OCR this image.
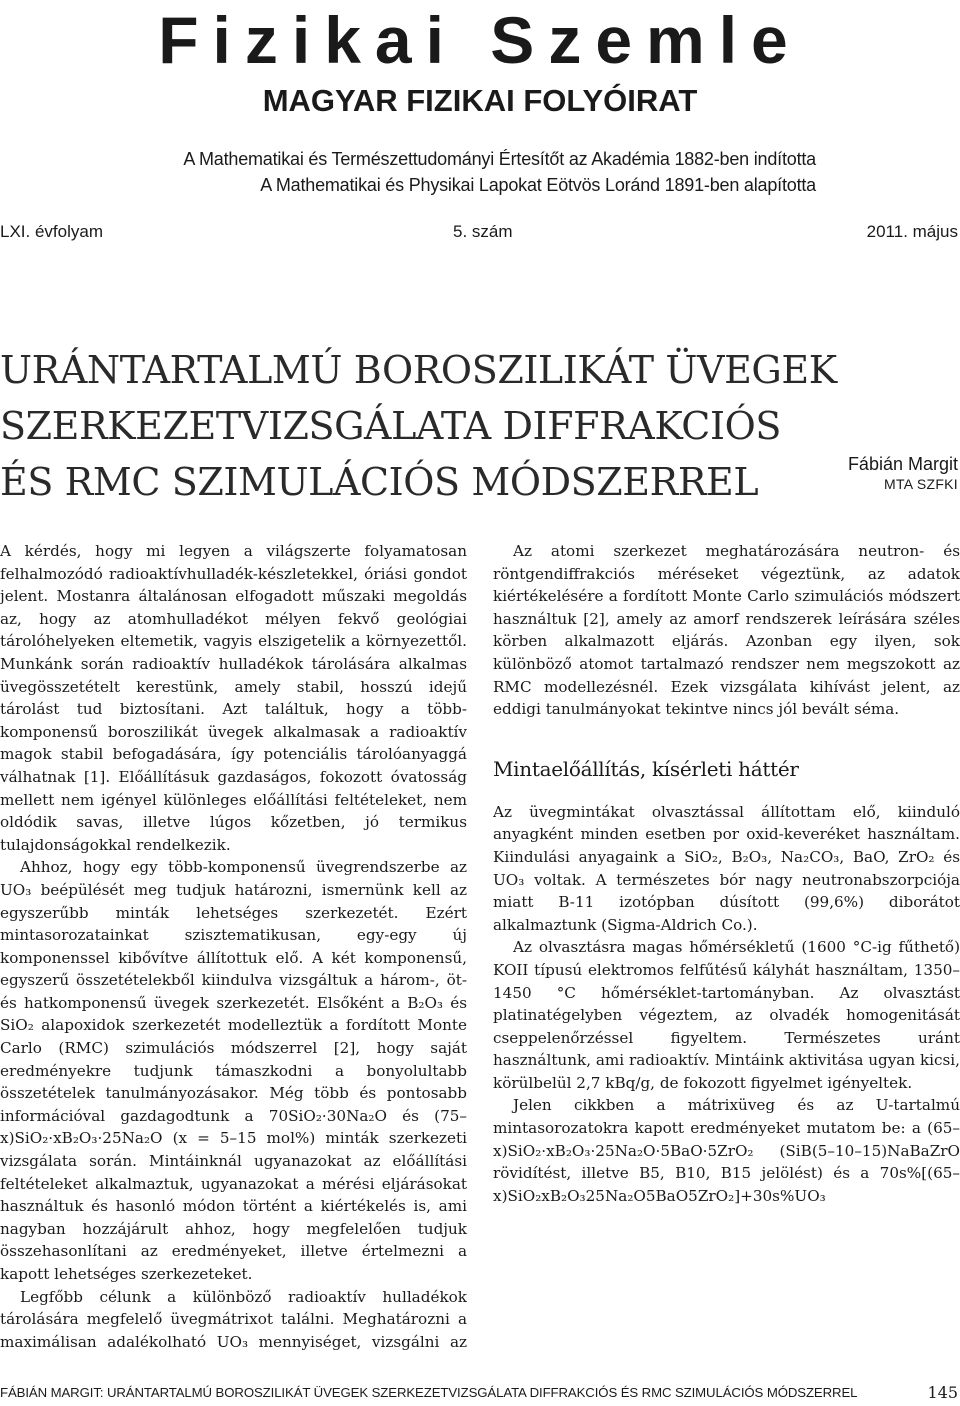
Fizikai Szemle
MAGYAR FIZIKAI FOLYÓIRAT
A Mathematikai és Természettudományi Értesítőt az Akadémia 1882-ben indította
A Mathematikai és Physikai Lapokat Eötvös Loránd 1891-ben alapította
LXI. évfolyam	5. szám	2011. május
URÁNTARTALMÚ BOROSZILIKÁT ÜVEGEK
SZERKEZETVIZSGÁLATA DIFFRAKCIÓS
ÉS RMC SZIMULÁCIÓS MÓDSZERREL	Fábián Margit
MTA SZFKI

A kérdés, hogy mi legyen a világszerte folyamatosan felhalmozódó radioaktívhulladék-készletekkel, óriási gondot jelent. Mostanra általánosan elfogadott műszaki megoldás az, hogy az atomhulladékot mélyen fekvő geológiai tárolóhelyeken eltemetik, vagyis elszigetelik a környezettől. Munkánk során radioaktív hulladékok tárolására alkalmas üvegösszetételt kerestünk, amely stabil, hosszú idejű tárolást tud biztosítani. Azt találtuk, hogy a több-komponensű boroszilikát üvegek alkalmasak a radioaktív magok stabil befogadására, így potenciális tárolóanyaggá válhatnak [1]. Előállításuk gazdaságos, fokozott óvatosság mellett nem igényel különleges előállítási feltételeket, nem oldódik savas, illetve lúgos kőzetben, jó termikus tulajdonságokkal rendelkezik.

Ahhoz, hogy egy több-komponensű üvegrendszerbe az UO₃ beépülését meg tudjuk határozni, ismernünk kell az egyszerűbb minták lehetséges szerkezetét. Ezért mintasorozatainkat szisztematikusan, egy-egy új komponenssel kibővítve állítottuk elő. A két komponensű, egyszerű összetételekből kiindulva vizsgáltuk a három-, öt- és hatkomponensű üvegek szerkezetét. Elsőként a B₂O₃ és SiO₂ alapoxidok szerkezetét modelleztük a fordított Monte Carlo (RMC) szimulációs módszerrel [2], hogy saját eredményekre tudjunk támaszkodni a bonyolultabb összetételek tanulmányozásakor. Még több és pontosabb információval gazdagodtunk a 70SiO₂·30Na₂O és (75–x)SiO₂·xB₂O₃·25Na₂O (x = 5–15 mol%) minták szerkezeti vizsgálata során. Mintáinknál ugyanazokat az előállítási feltételeket alkalmaztuk, ugyanazokat a mérési eljárásokat használtuk és hasonló módon történt a kiértékelés is, ami nagyban hozzájárult ahhoz, hogy megfelelően tudjuk összehasonlítani az eredményeket, illetve értelmezni a kapott lehetséges szerkezeteket.

Legfőbb célunk a különböző radioaktív hulladékok tárolására megfelelő üvegmátrixot találni. Meghatározni a maximálisan adalékolható UO₃ mennyiséget, vizsgálni az

Az atomi szerkezet meghatározására neutron- és röntgendiffrakciós méréseket végeztünk, az adatok kiértékelésére a fordított Monte Carlo szimulációs módszert használtuk [2], amely az amorf rendszerek leírására széles körben alkalmazott eljárás. Azonban egy ilyen, sok különböző atomot tartalmazó rendszer nem megszokott az RMC modellezésnél. Ezek vizsgálata kihívást jelent, az eddigi tanulmányokat tekintve nincs jól bevált séma.

Mintaelőállítás, kísérleti háttér

Az üvegmintákat olvasztással állítottam elő, kiinduló anyagként minden esetben por oxid-keveréket használtam. Kiindulási anyagaink a SiO₂, B₂O₃, Na₂CO₃, BaO, ZrO₂ és UO₃ voltak. A természetes bór nagy neutronabszorpciója miatt B-11 izotópban dúsított (99,6%) diborátot alkalmaztunk (Sigma-Aldrich Co.).

Az olvasztásra magas hőmérsékletű (1600 °C-ig fűthető) KOII típusú elektromos felfűtésű kályhát használtam, 1350–1450 °C hőmérséklet-tartományban. Az olvasztást platinatégelyben végeztem, az olvadék homogenitását cseppelenőrzéssel figyeltem. Természetes uránt használtunk, ami radioaktív. Mintáink aktivitása ugyan kicsi, körülbelül 2,7 kBq/g, de fokozott figyelmet igényeltek.

Jelen cikkben a mátrixüveg és az U-tartalmú mintasorozatokra kapott eredményeket mutatom be: a (65–x)SiO₂·xB₂O₃·25Na₂O·5BaO·5ZrO₂ (SiB(5–10–15)NaBaZrO rövidítést, illetve B5, B10, B15 jelölést) és a 70s%[(65–x)SiO₂xB₂O₃25Na₂O5BaO5ZrO₂]+30s%UO₃

FÁBIÁN MARGIT: URÁNTARTALMÚ BOROSZILIKÁT ÜVEGEK SZERKEZETVIZSGÁLATA DIFFRAKCIÓS ÉS RMC SZIMULÁCIÓS MÓDSZERREL	145
